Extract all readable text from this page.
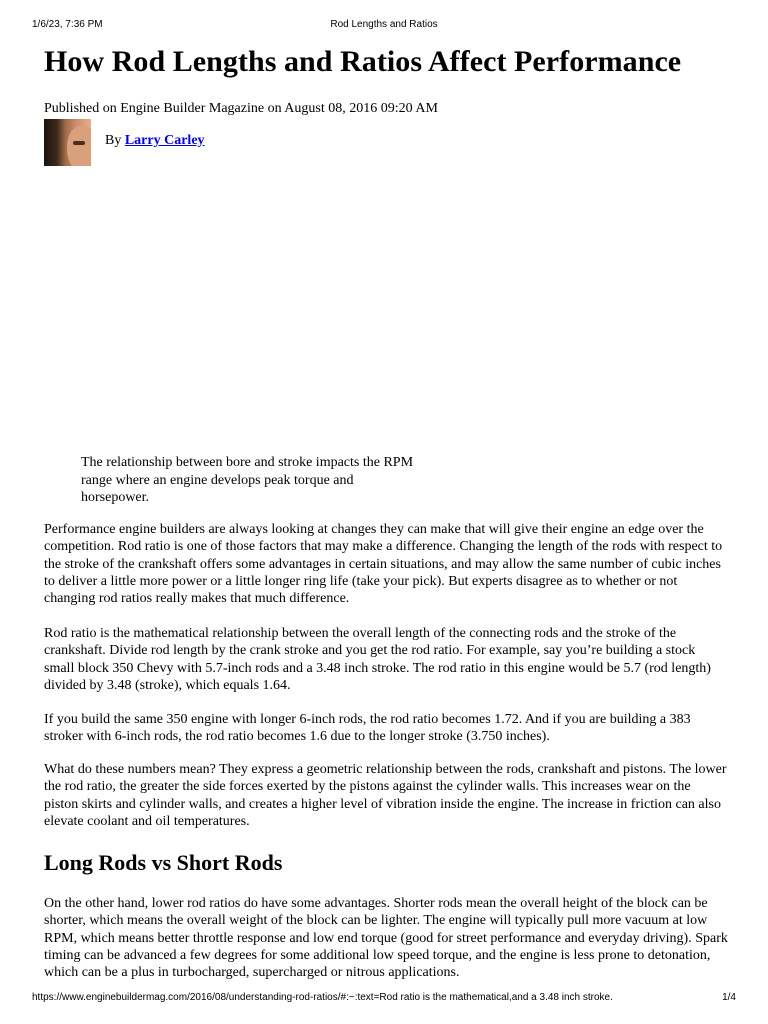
1/6/23, 7:36 PM	Rod Lengths and Ratios
How Rod Lengths and Ratios Affect Performance
Published on Engine Builder Magazine on August 08, 2016 09:20 AM
By Larry Carley
The relationship between bore and stroke impacts the RPM range where an engine develops peak torque and horsepower.

Performance engine builders are always looking at changes they can make that will give their engine an edge over the competition. Rod ratio is one of those factors that may make a difference. Changing the length of the rods with respect to the stroke of the crankshaft offers some advantages in certain situations, and may allow the same number of cubic inches to deliver a little more power or a little longer ring life (take your pick). But experts disagree as to whether or not changing rod ratios really makes that much difference.

Rod ratio is the mathematical relationship between the overall length of the connecting rods and the stroke of the crankshaft. Divide rod length by the crank stroke and you get the rod ratio. For example, say you’re building a stock small block 350 Chevy with 5.7-inch rods and a 3.48 inch stroke. The rod ratio in this engine would be 5.7 (rod length) divided by 3.48 (stroke), which equals 1.64.

If you build the same 350 engine with longer 6-inch rods, the rod ratio becomes 1.72. And if you are building a 383 stroker with 6-inch rods, the rod ratio becomes 1.6 due to the longer stroke (3.750 inches).

What do these numbers mean? They express a geometric relationship between the rods, crankshaft and pistons. The lower the rod ratio, the greater the side forces exerted by the pistons against the cylinder walls. This increases wear on the piston skirts and cylinder walls, and creates a higher level of vibration inside the engine. The increase in friction can also elevate coolant and oil temperatures.

Long Rods vs Short Rods

On the other hand, lower rod ratios do have some advantages. Shorter rods mean the overall height of the block can be shorter, which means the overall weight of the block can be lighter. The engine will typically pull more vacuum at low RPM, which means better throttle response and low end torque (good for street performance and everyday driving). Spark timing can be advanced a few degrees for some additional low speed torque, and the engine is less prone to detonation, which can be a plus in turbocharged, supercharged or nitrous applications.

https://www.enginebuildermag.com/2016/08/understanding-rod-ratios/#:~:text=Rod ratio is the mathematical,and a 3.48 inch stroke.	1/4
